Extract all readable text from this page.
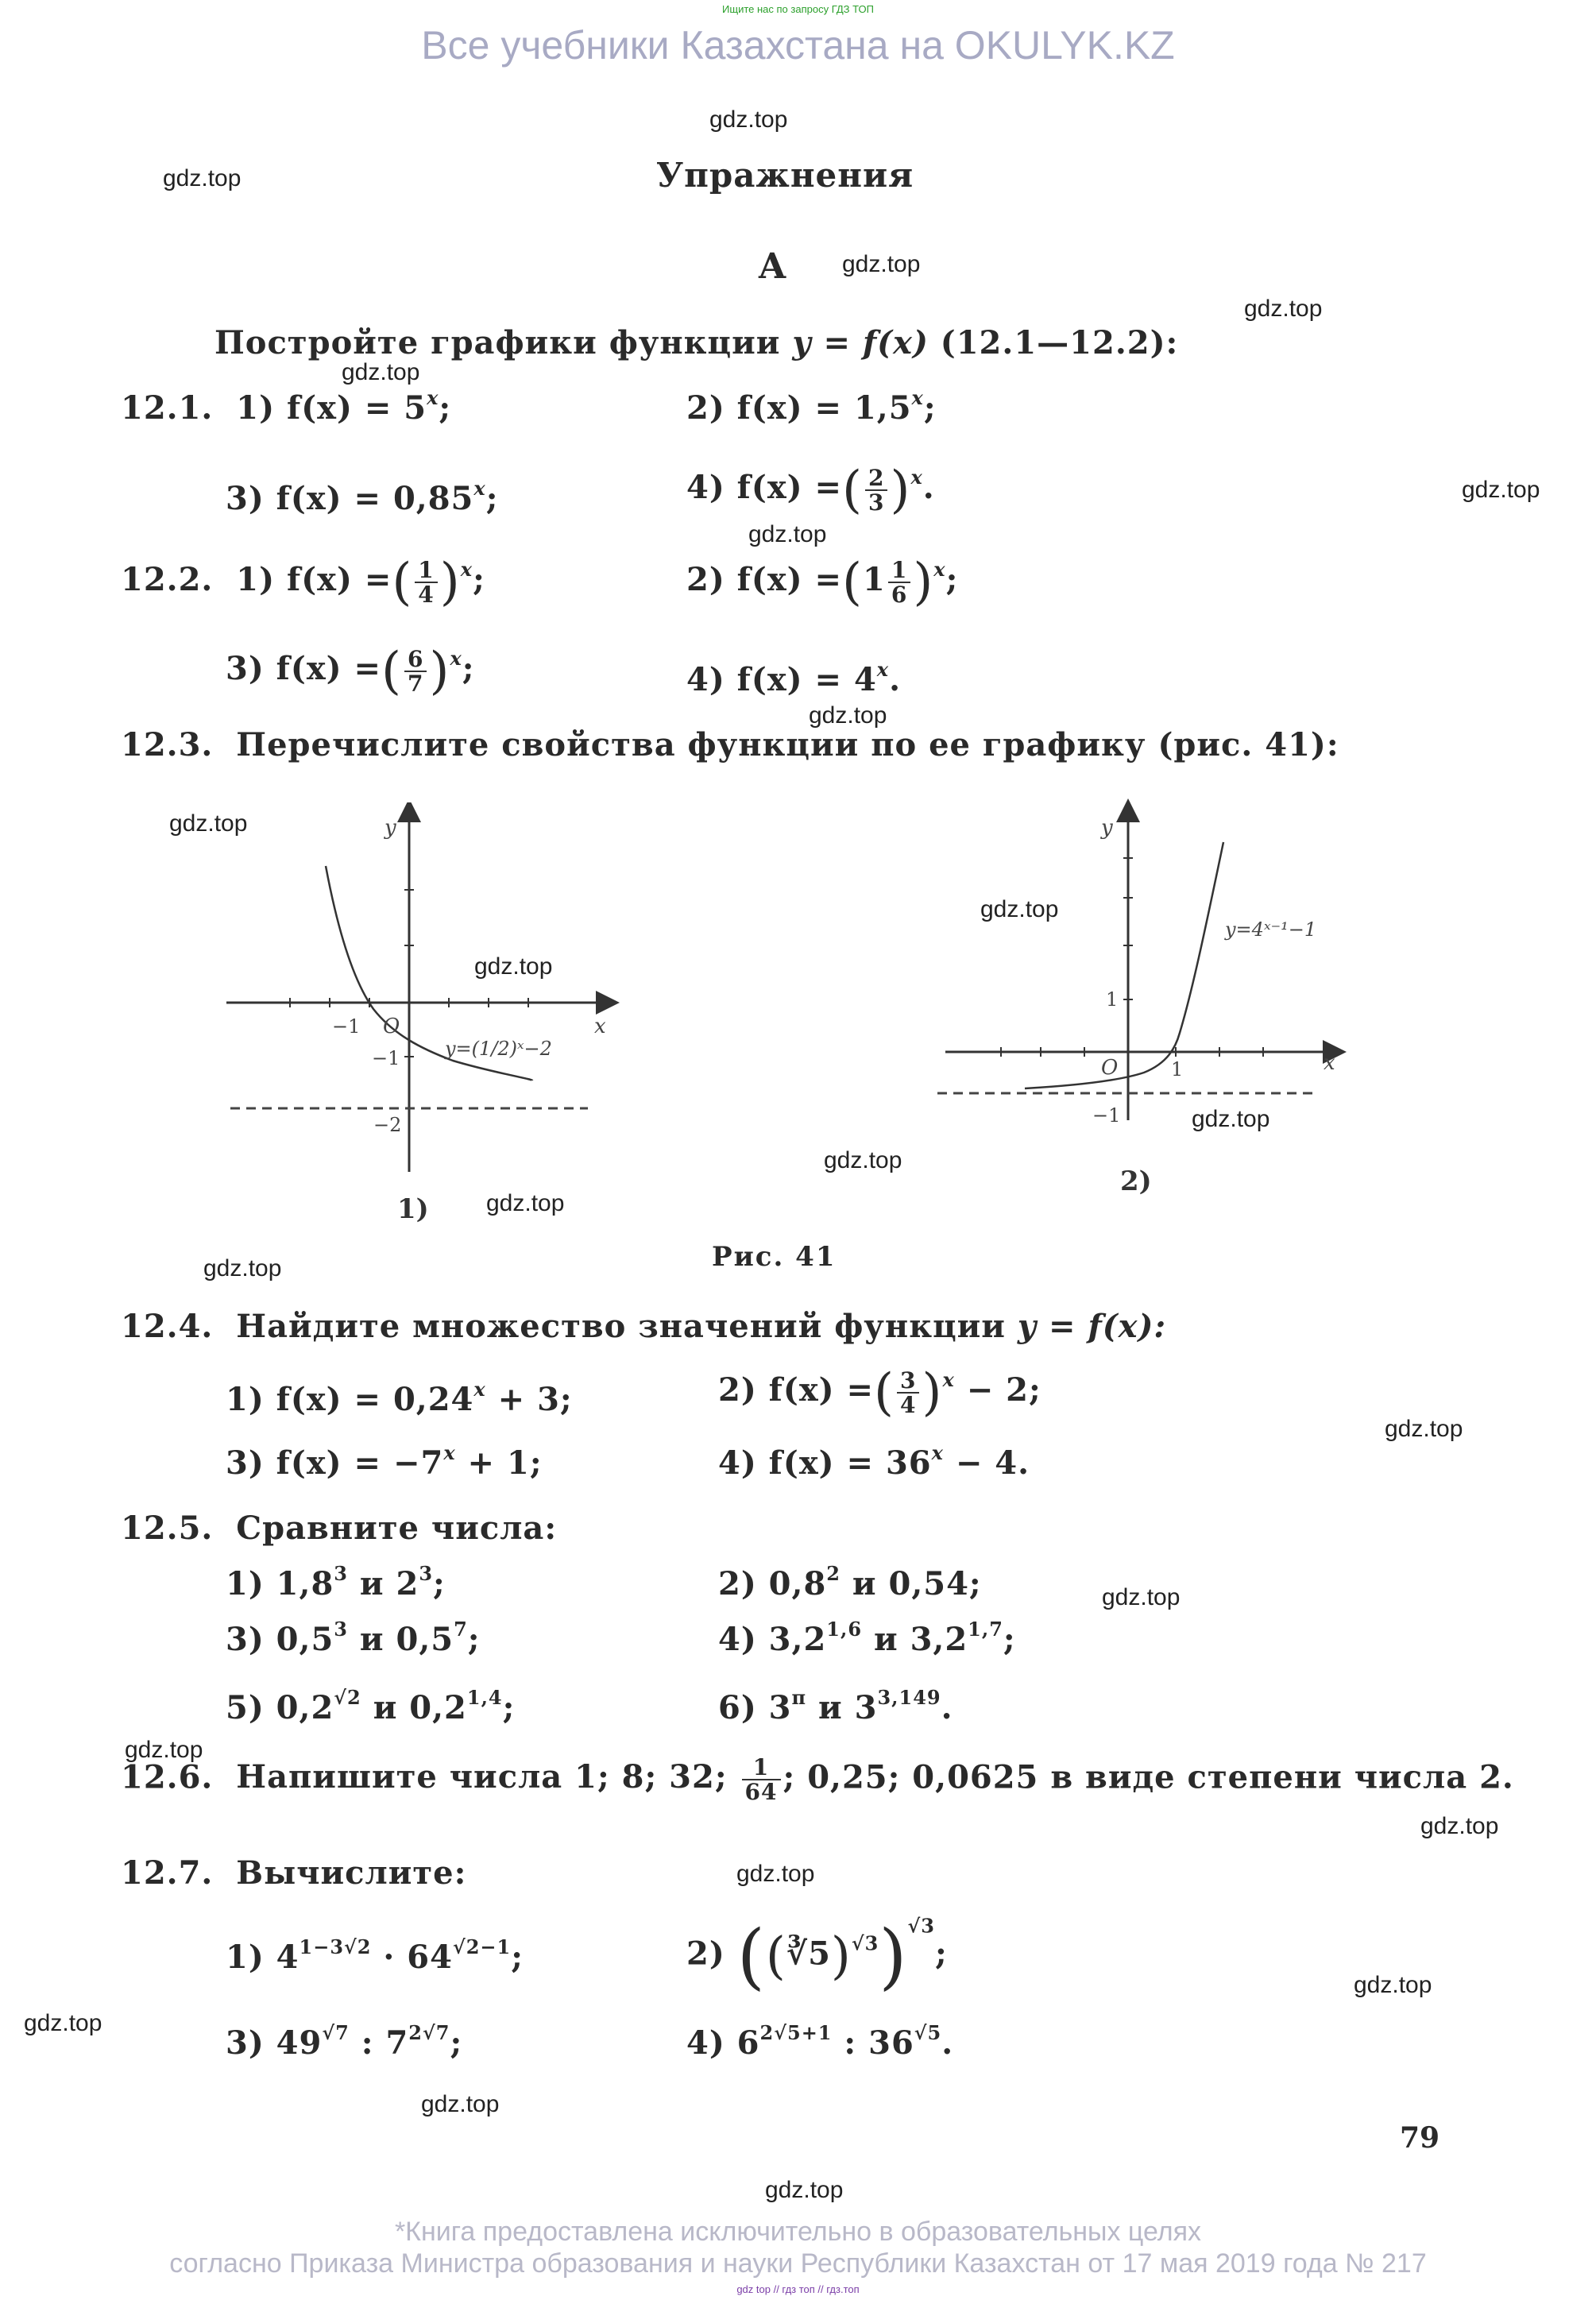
Ищите нас по запросу ГДЗ ТОП
Все учебники Казахстана на OKULYK.KZ
gdz.top
gdz.top
gdz.top
gdz.top
gdz.top
gdz.top
gdz.top
gdz.top
gdz.top
gdz.top
gdz.top
gdz.top
gdz.top
gdz.top
gdz.top
gdz.top
gdz.top
gdz.top
gdz.top
gdz.top
gdz.top
gdz.top
gdz.top
gdz.top
Упражнения
A
Постройте графики функции y = f(x) (12.1—12.2):
12.1. 1) $f(x) = 5^x$;	2) $f(x) = 1,5^x$;
3) $f(x) = 0,85^x$;	4) f(x) =( $\frac{2}{3} )^x$.
12.2. 1) f(x) =( $\frac{1}{4} )^x$;	2) $f(x) =(1 \frac{1}{6} )^x$;
3) f(x) =( $\frac{6}{7} )^x$;	4) $f(x) = 4^x$.
12.3. Перечислите свойства функции по ее графику (рис. 41):
y
x
O
−1
−1
−2
y=(1/2)ˣ−2
1)
y
x
O	1
1
−1
y=4ˣ⁻¹−1
2)
Рис. 41
12.4. Найдите множество значений функции y = f(x):
1) $f(x) = 0,24^x + 3$;	2) f(x) =( $\frac{3}{4} )^x - 2$;
3) $f(x) = -7^x + 1$;	4) $f(x) = 36^x - 4$.
12.5. Сравните числа:
1) $1,8^3$ и $2^3$;	2) $0,8^2$ и 0,54;
3) $0,5^3$ и $0,5^7$;	4) 3,2$^{1,6}$ и 3,2$^{1,7}$;
5) $0,2^{√2}$ и 0,2$^{1,4}$;	6) $3^\pi$ и 3$^{3,149}$.
12.6. Напишите числа 1; 8; 32; $\frac{1}{64}$ ; 0,25; 0,0625 в виде степени числа 2.
12.7. Вычислите:
1) $4^{1-3√2} \cdot 64^{√2-1}$;	2) ((∛5)$^{√3}$)$^{√3}$;
3) $49^{√7}$ : $7^{2√7}$;	4) $6^{2√5+1}$ : $36^{√5}$.
79
*Книга предоставлена исключительно в образовательных целях
согласно Приказа Министра образования и науки Республики Казахстан от 17 мая 2019 года № 217
gdz top // гдз топ // гдз.топ
